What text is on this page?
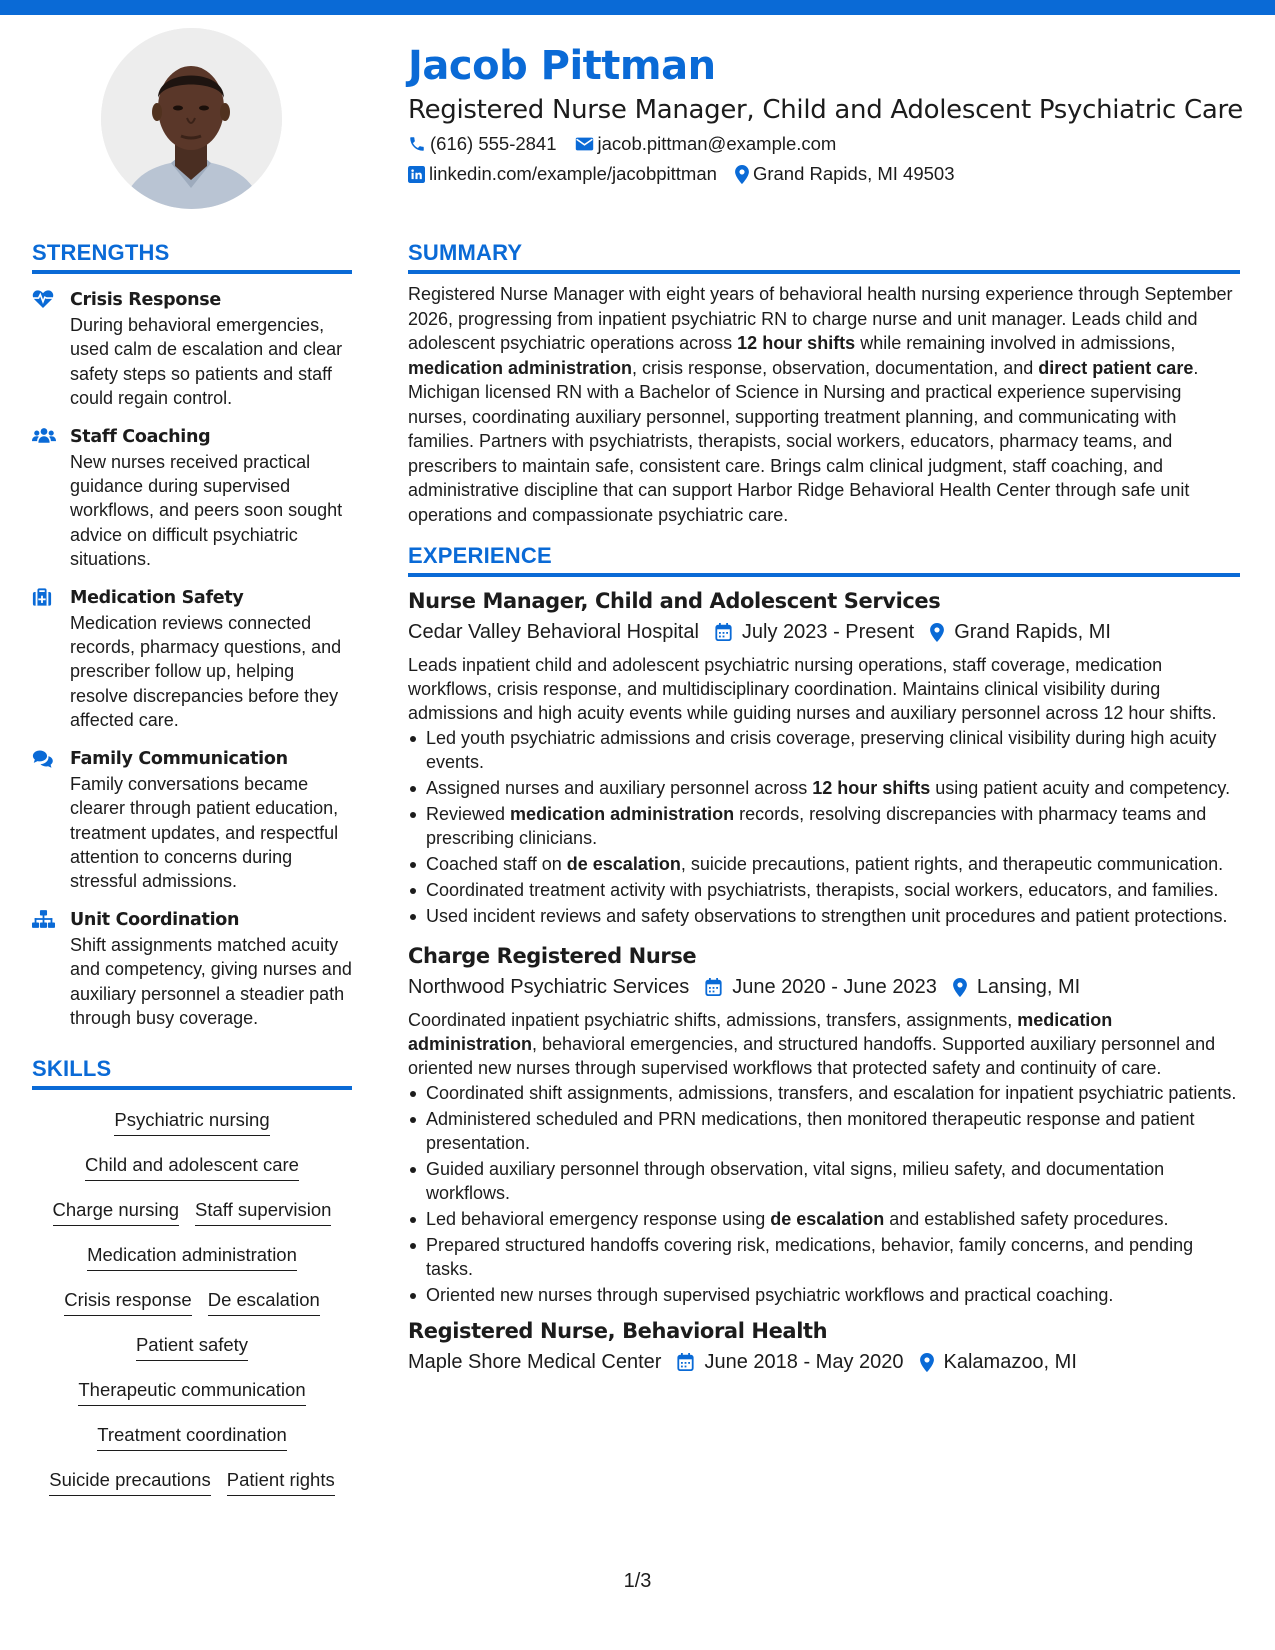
Jacob Pittman
Registered Nurse Manager, Child and Adolescent Psychiatric Care
(616) 555-2841 jacob.pittman@example.com
linkedin.com/example/jacobpittman Grand Rapids, MI 49503
STRENGTHS
Crisis Response
During behavioral emergencies, used calm de escalation and clear safety steps so patients and staff could regain control.
Staff Coaching
New nurses received practical guidance during supervised workflows, and peers soon sought advice on difficult psychiatric situations.
Medication Safety
Medication reviews connected records, pharmacy questions, and prescriber follow up, helping resolve discrepancies before they affected care.
Family Communication
Family conversations became clearer through patient education, treatment updates, and respectful attention to concerns during stressful admissions.
Unit Coordination
Shift assignments matched acuity and competency, giving nurses and auxiliary personnel a steadier path through busy coverage.
SKILLS
Psychiatric nursing
Child and adolescent care
Charge nursing Staff supervision
Medication administration
Crisis response De escalation
Patient safety
Therapeutic communication
Treatment coordination
Suicide precautions Patient rights
SUMMARY

Registered Nurse Manager with eight years of behavioral health nursing experience through September 2026, progressing from inpatient psychiatric RN to charge nurse and unit manager. Leads child and adolescent psychiatric operations across 12 hour shifts while remaining involved in admissions, medication administration, crisis response, observation, documentation, and direct patient care. Michigan licensed RN with a Bachelor of Science in Nursing and practical experience supervising nurses, coordinating auxiliary personnel, supporting treatment planning, and communicating with families. Partners with psychiatrists, therapists, social workers, educators, pharmacy teams, and prescribers to maintain safe, consistent care. Brings calm clinical judgment, staff coaching, and administrative discipline that can support Harbor Ridge Behavioral Health Center through safe unit operations and compassionate psychiatric care.

EXPERIENCE
Nurse Manager, Child and Adolescent Services
Cedar Valley Behavioral Hospital July 2023 - Present Grand Rapids, MI

Leads inpatient child and adolescent psychiatric nursing operations, staff coverage, medication workflows, crisis response, and multidisciplinary coordination. Maintains clinical visibility during admissions and high acuity events while guiding nurses and auxiliary personnel across 12 hour shifts.

Led youth psychiatric admissions and crisis coverage, preserving clinical visibility during high acuity events.
Assigned nurses and auxiliary personnel across 12 hour shifts using patient acuity and competency.
Reviewed medication administration records, resolving discrepancies with pharmacy teams and prescribing clinicians.
Coached staff on de escalation, suicide precautions, patient rights, and therapeutic communication.
Coordinated treatment activity with psychiatrists, therapists, social workers, educators, and families.
Used incident reviews and safety observations to strengthen unit procedures and patient protections.
Charge Registered Nurse
Northwood Psychiatric Services June 2020 - June 2023 Lansing, MI

Coordinated inpatient psychiatric shifts, admissions, transfers, assignments, medication administration, behavioral emergencies, and structured handoffs. Supported auxiliary personnel and oriented new nurses through supervised workflows that protected safety and continuity of care.

Coordinated shift assignments, admissions, transfers, and escalation for inpatient psychiatric patients.
Administered scheduled and PRN medications, then monitored therapeutic response and patient presentation.
Guided auxiliary personnel through observation, vital signs, milieu safety, and documentation workflows.
Led behavioral emergency response using de escalation and established safety procedures.
Prepared structured handoffs covering risk, medications, behavior, family concerns, and pending tasks.
Oriented new nurses through supervised psychiatric workflows and practical coaching.
Registered Nurse, Behavioral Health
Maple Shore Medical Center June 2018 - May 2020 Kalamazoo, MI
1/3
